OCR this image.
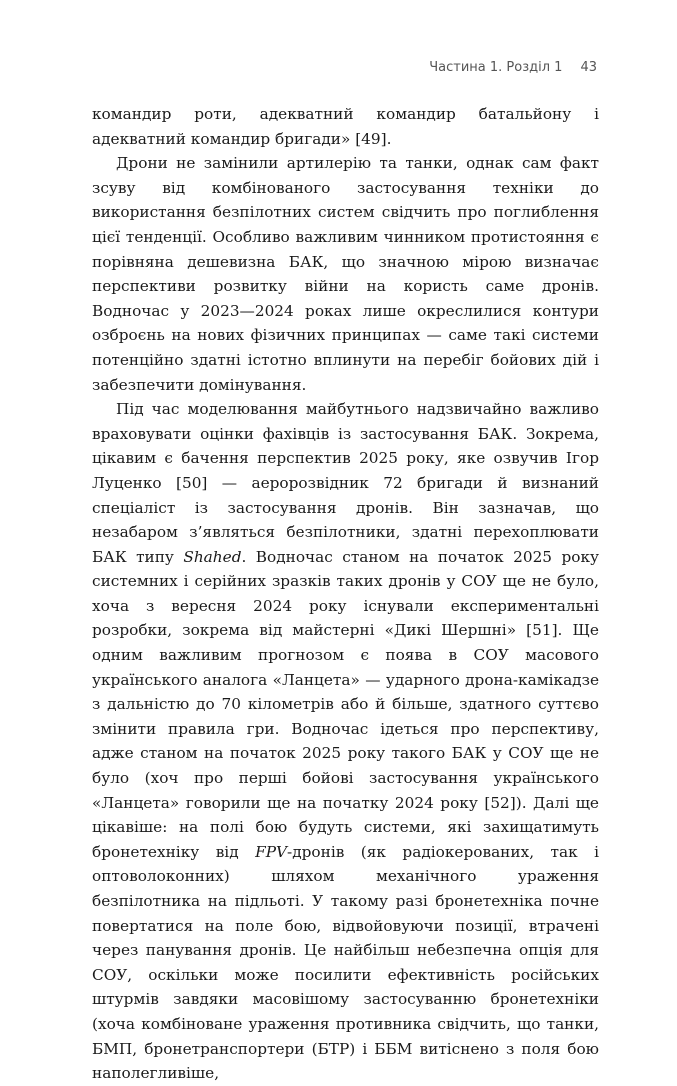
Частина 1. Розділ 1 43

командир роти, адекватний командир батальйону і адекватний командир бригади» [49].

Дрони не замінили артилерію та танки, однак сам факт зсуву від комбінованого застосування техніки до використання безпілотних систем свідчить про поглиблення цієї тенденції. Особливо важливим чинником протистояння є порівняна дешевизна БАК, що значною мірою визначає перспективи розвитку війни на користь саме дронів. Водночас у 2023—2024 роках лише окреслилися контури озброєнь на нових фізичних принципах — саме такі системи потенційно здатні істотно вплинути на перебіг бойових дій і забезпечити домінування.

Під час моделювання майбутнього надзвичайно важливо враховувати оцінки фахівців із застосування БАК. Зокрема, цікавим є бачення перспектив 2025 року, яке озвучив Ігор Луценко [50] — аеророзвідник 72 бригади й визнаний спеціаліст із застосування дронів. Він зазначав, що незабаром з’являться безпілотники, здатні перехоплювати БАК типу Shahed. Водночас станом на початок 2025 року системних і серійних зразків таких дронів у СОУ ще не було, хоча з вересня 2024 року існували експериментальні розробки, зокрема від майстерні «Дикі Шершні» [51]. Ще одним важливим прогнозом є поява в СОУ масового українського аналога «Ланцета» — ударного дрона-камікадзе з дальністю до 70 кілометрів або й більше, здатного суттєво змінити правила гри. Водночас ідеться про перспективу, адже станом на початок 2025 року такого БАК у СОУ ще не було (хоч про перші бойові застосування українського «Ланцета» говорили ще на початку 2024 року [52]). Далі ще цікавіше: на полі бою будуть системи, які захищатимуть бронетехніку від FPV-дронів (як радіокерованих, так і оптоволоконних) шляхом механічного ураження безпілотника на підльоті. У такому разі бронетехніка почне повертатися на поле бою, відвойовуючи позиції, втрачені через панування дронів. Це найбільш небезпечна опція для СОУ, оскільки може посилити ефективність російських штурмів завдяки масовішому застосуванню бронетехніки (хоча комбіноване ураження противника свідчить, що танки, БМП, бронетранспортери (БТР) і ББМ витіснено з поля бою наполегливіше,
